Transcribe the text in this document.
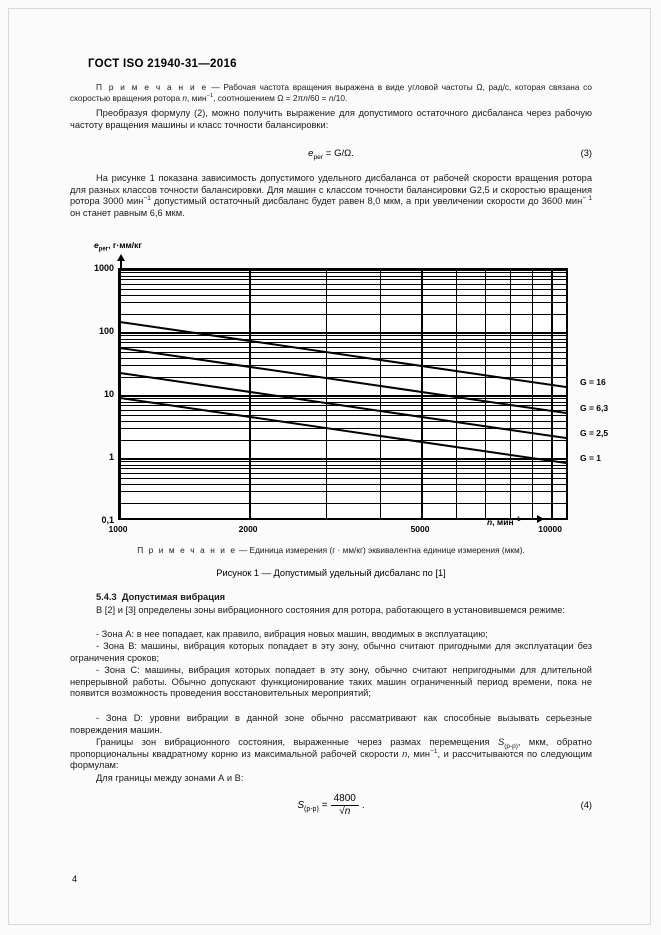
ГОСТ ISO 21940-31—2016

П р и м е ч а н и е — Рабочая частота вращения выражена в виде угловой частоты Ω, рад/с, которая связана со скоростью вращения ротора n, мин$^{-1}$, соотношением Ω = 2πn/60 = n/10.

Преобразуя формулу (2), можно получить выражение для допустимого остаточного дисбаланса через рабочую частоту вращения машины и класс точности балансировки:

$e_{рег} = G/\Omega$.	(3)

На рисунке 1 показана зависимость допустимого удельного дисбаланса от рабочей скорости вращения ротора для разных классов точности балансировки. Для машин с классом точности балансировки G2,5 и скоростью вращения ротора 3000 мин$^{-1}$ допустимый остаточный дисбаланс будет равен 8,0 мкм, а при увеличении скорости до 3600 мин$^{- 1}$ он станет равным 6,6 мкм.

$e_{рег}$, г·мм/кг
0,1
1
10
100
1000
1000	2000	5000	10000
G = 16
G = 6,3
G = 2,5
G = 1
n, мин$^{-1}$

П р и м е ч а н и е — Единица измерения (г · мм/кг) эквивалентна единице измерения (мкм).

Рисунок 1 — Допустимый удельный дисбаланс по [1]

5.4.3 Допустимая вибрация

В [2] и [3] определены зоны вибрационного состояния для ротора, работающего в установившемся режиме:

- Зона А: в нее попадает, как правило, вибрация новых машин, вводимых в эксплуатацию;

- Зона В: машины, вибрация которых попадает в эту зону, обычно считают пригодными для эксплуатации без ограничения сроков;

- Зона С: машины, вибрация которых попадает в эту зону, обычно считают непригодными для длительной непрерывной работы. Обычно допускают функционирование таких машин ограниченный период времени, пока не появится возможность проведения восстановительных мероприятий;

- Зона D: уровни вибрации в данной зоне обычно рассматривают как способные вызывать серьезные повреждения машин.

Границы зон вибрационного состояния, выраженные через размах перемещения $S_{(p-p)}$, мкм, обратно пропорциональны квадратному корню из максимальной рабочей скорости n, мин$^{-1}$, и рассчитываются по следующим формулам:

Для границы между зонами А и В:

$S_{(p-p)} = \frac{4800}{√n}$ .	(4)
4
